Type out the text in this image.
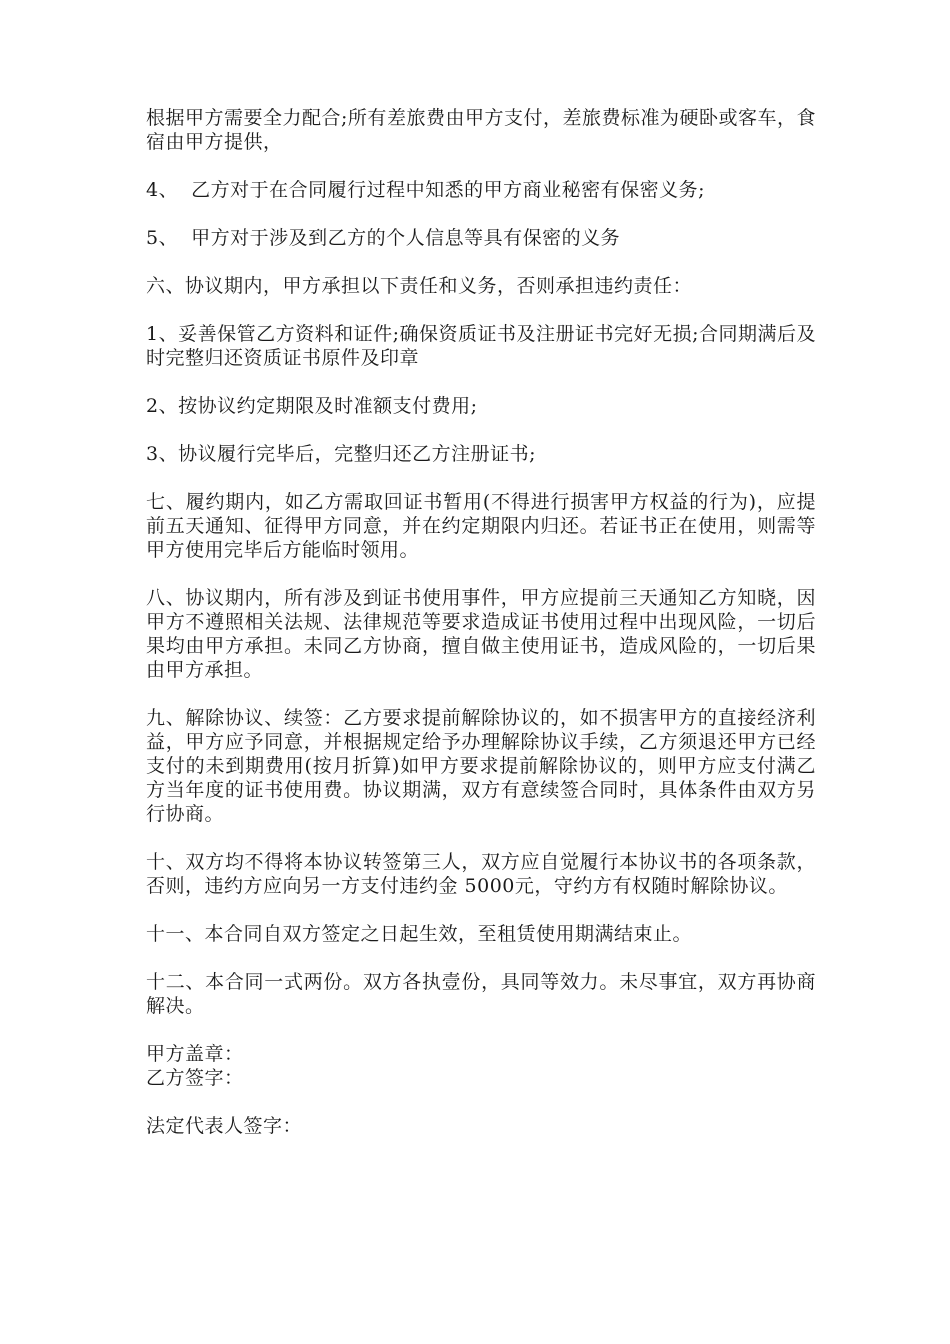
根据甲方需要全力配合;所有差旅费由甲方支付，差旅费标准为硬卧或客车，食宿由甲方提供，

4、  乙方对于在合同履行过程中知悉的甲方商业秘密有保密义务;

5、  甲方对于涉及到乙方的个人信息等具有保密的义务

六、协议期内，甲方承担以下责任和义务，否则承担违约责任：

1、妥善保管乙方资料和证件;确保资质证书及注册证书完好无损;合同期满后及时完整归还资质证书原件及印章

2、按协议约定期限及时准额支付费用;

3、协议履行完毕后，完整归还乙方注册证书;

七、履约期内，如乙方需取回证书暂用(不得进行损害甲方权益的行为)，应提前五天通知、征得甲方同意，并在约定期限内归还。若证书正在使用，则需等甲方使用完毕后方能临时领用。

八、协议期内，所有涉及到证书使用事件，甲方应提前三天通知乙方知晓，因甲方不遵照相关法规、法律规范等要求造成证书使用过程中出现风险，一切后果均由甲方承担。未同乙方协商，擅自做主使用证书，造成风险的，一切后果由甲方承担。

九、解除协议、续签：乙方要求提前解除协议的，如不损害甲方的直接经济利益，甲方应予同意，并根据规定给予办理解除协议手续，乙方须退还甲方已经支付的未到期费用(按月折算)如甲方要求提前解除协议的，则甲方应支付满乙方当年度的证书使用费。协议期满，双方有意续签合同时，具体条件由双方另行协商。

十、双方均不得将本协议转签第三人，双方应自觉履行本协议书的各项条款，否则，违约方应向另一方支付违约金 5000元，守约方有权随时解除协议。

十一、本合同自双方签定之日起生效，至租赁使用期满结束止。

十二、本合同一式两份。双方各执壹份，具同等效力。未尽事宜，双方再协商解决。

甲方盖章：

乙方签字：

法定代表人签字：
